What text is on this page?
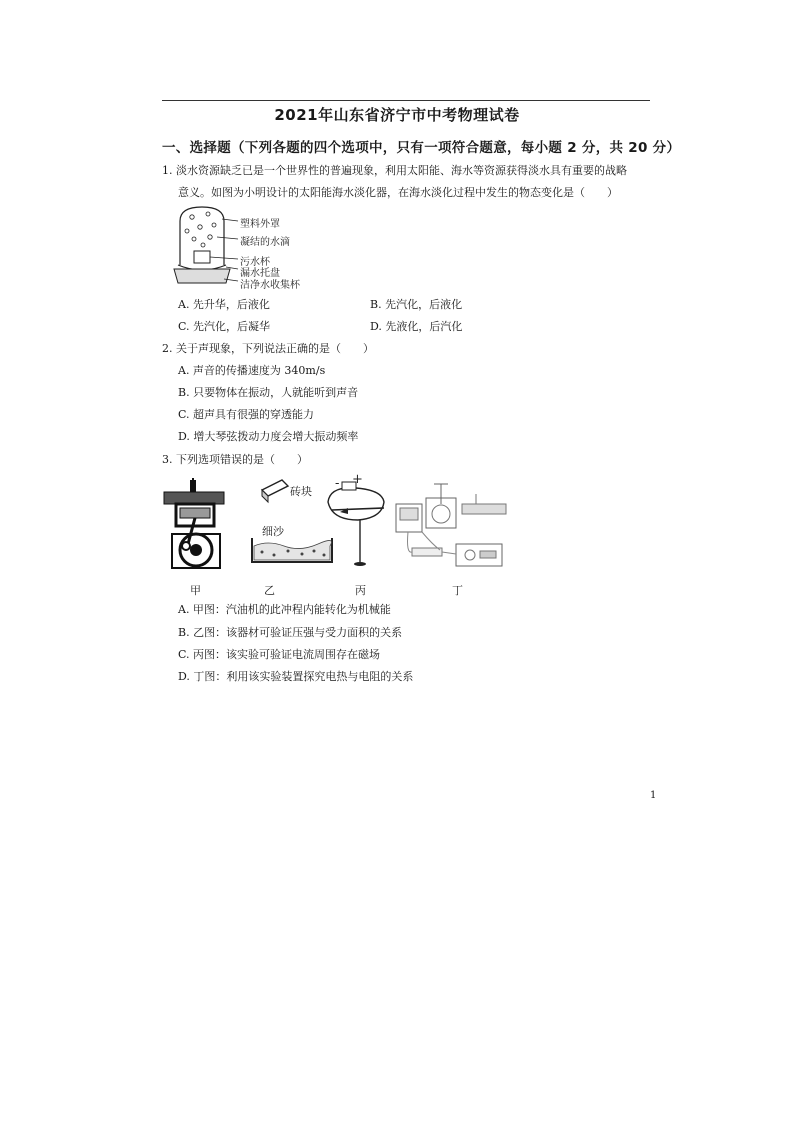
2021年山东省济宁市中考物理试卷
一、选择题（下列各题的四个选项中，只有一项符合题意，每小题 2 分，共 20 分）
1. 淡水资源缺乏已是一个世界性的普遍现象，利用太阳能、海水等资源获得淡水具有重要的战略
意义。如图为小明设计的太阳能海水淡化器，在海水淡化过程中发生的物态变化是（　　）
塑料外罩
凝结的水滴
污水杯
漏水托盘
洁净水收集杯
A. 先升华，后液化	B. 先汽化，后液化
C. 先汽化，后凝华	D. 先液化，后汽化
2. 关于声现象，下列说法正确的是（　　）
A. 声音的传播速度为 340m/s
B. 只要物体在振动，人就能听到声音
C. 超声具有很强的穿透能力
D. 增大琴弦拨动力度会增大振动频率
3. 下列选项错误的是（　　）
砖块
细沙
- +
甲	乙	丙	丁
A. 甲图：汽油机的此冲程内能转化为机械能
B. 乙图：该器材可验证压强与受力面积的关系
C. 丙图：该实验可验证电流周围存在磁场
D. 丁图：利用该实验装置探究电热与电阻的关系
1
